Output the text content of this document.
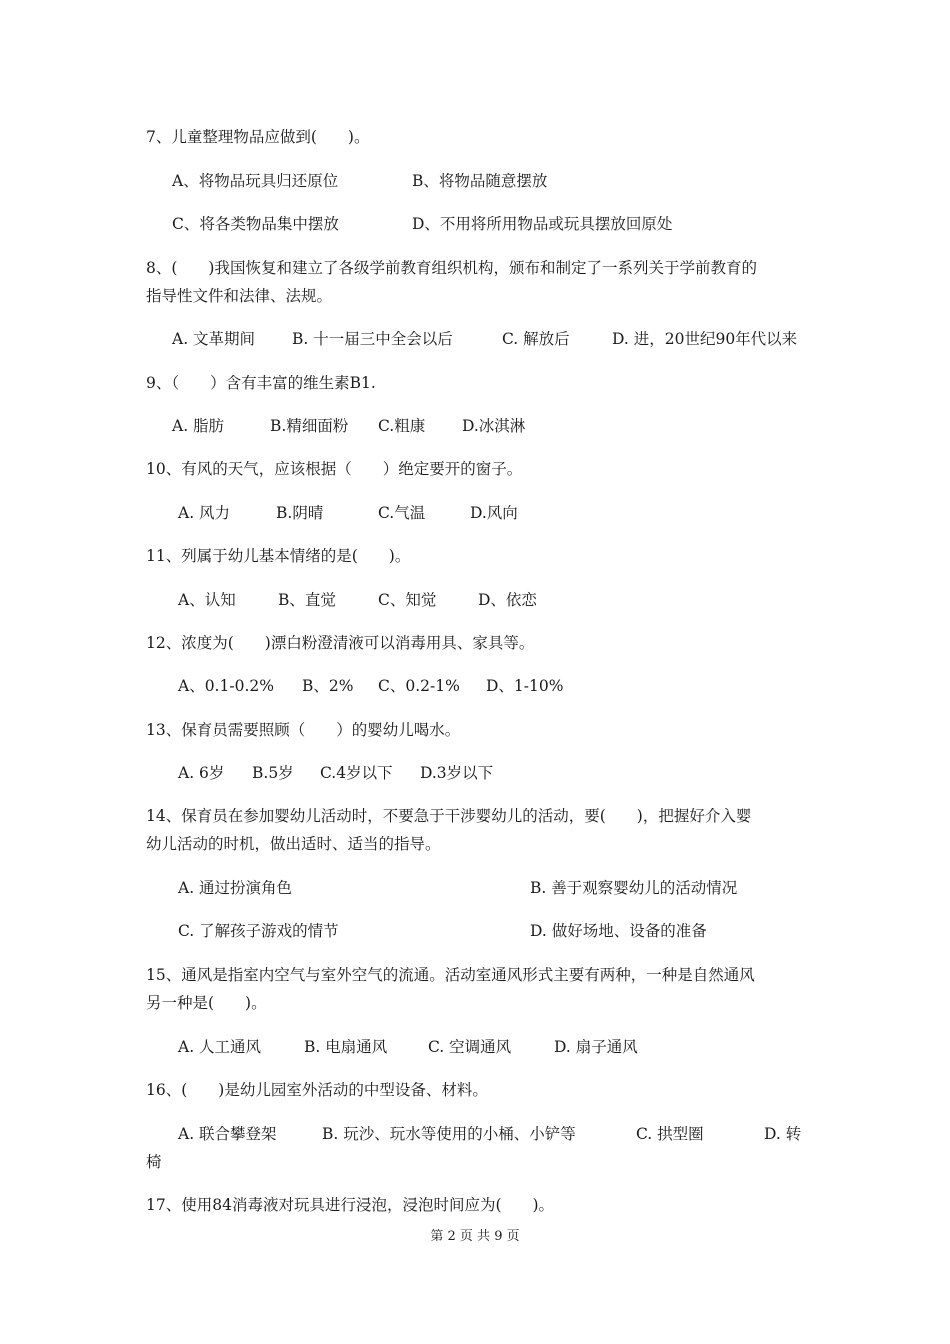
7、儿童整理物品应做到(　　)。
A、将物品玩具归还原位	B、将物品随意摆放
C、将各类物品集中摆放	D、不用将所用物品或玩具摆放回原处
8、(　　)我国恢复和建立了各级学前教育组织机构，颁布和制定了一系列关于学前教育的
指导性文件和法律、法规。
A. 文革期间 B. 十一届三中全会以后	C. 解放后	D. 进，20世纪90年代以来
9、（　　）含有丰富的维生素B1.
A. 脂肪	B.精细面粉 C.粗康 D.冰淇淋
10、有风的天气，应该根据（　　）绝定要开的窗子。
A. 风力	B.阴晴	C.气温	D.风向
11、列属于幼儿基本情绪的是(　　)。
A、认知	B、直觉	C、知觉	D、依恋
12、浓度为(　　)漂白粉澄清液可以消毒用具、家具等。
A、0.1-0.2% B、2% C、0.2-1% D、1-10%
13、保育员需要照顾（　　）的婴幼儿喝水。
A. 6岁 B.5岁 C.4岁以下 D.3岁以下
14、保育员在参加婴幼儿活动时，不要急于干涉婴幼儿的活动，要(　　)，把握好介入婴
幼儿活动的时机，做出适时、适当的指导。
A. 通过扮演角色	B. 善于观察婴幼儿的活动情况
C. 了解孩子游戏的情节	D. 做好场地、设备的准备
15、通风是指室内空气与室外空气的流通。活动室通风形式主要有两种，一种是自然通风
另一种是(　　)。
A. 人工通风	B. 电扇通风	C. 空调通风	D. 扇子通风
16、(　　)是幼儿园室外活动的中型设备、材料。
A. 联合攀登架	B. 玩沙、玩水等使用的小桶、小铲等	C. 拱型圈	D. 转
椅
17、使用84消毒液对玩具进行浸泡，浸泡时间应为(　　)。
第 2 页 共 9 页
